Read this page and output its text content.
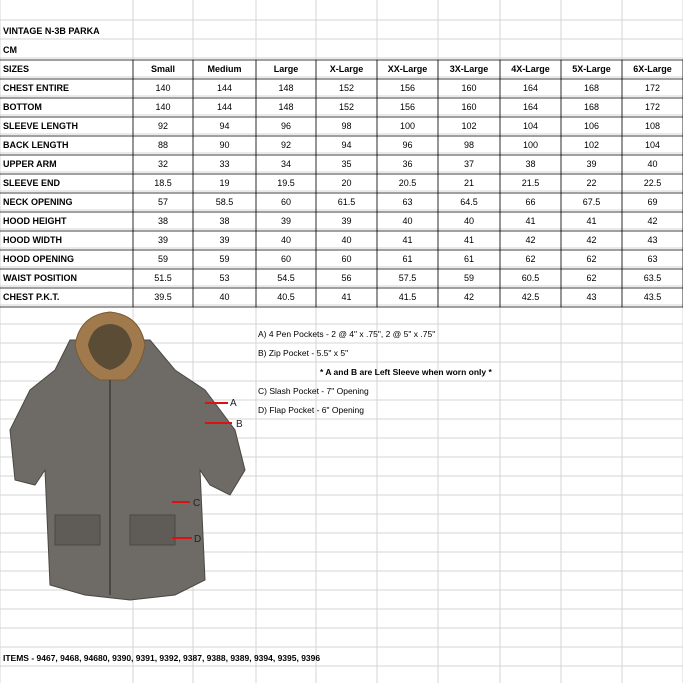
VINTAGE N-3B PARKA
CM
SIZES	Small	Medium	Large	X-Large	XX-Large	3X-Large	4X-Large	5X-Large	6X-Large
CHEST ENTIRE	140	144	148	152	156	160	164	168	172
BOTTOM	140	144	148	152	156	160	164	168	172
SLEEVE LENGTH	92	94	96	98	100	102	104	106	108
BACK LENGTH	88	90	92	94	96	98	100	102	104
UPPER ARM	32	33	34	35	36	37	38	39	40
SLEEVE END	18.5	19	19.5	20	20.5	21	21.5	22	22.5
NECK OPENING	57	58.5	60	61.5	63	64.5	66	67.5	69
HOOD HEIGHT	38	38	39	39	40	40	41	41	42
HOOD WIDTH	39	39	40	40	41	41	42	42	43
HOOD OPENING	59	59	60	60	61	61	62	62	63
WAIST POSITION	51.5	53	54.5	56	57.5	59	60.5	62	63.5
CHEST P.K.T.	39.5	40	40.5	41	41.5	42	42.5	43	43.5
A
B
C
D
A) 4 Pen Pockets - 2 @ 4" x .75", 2 @ 5" x .75"
B) Zip Pocket - 5.5" x 5"
* A and B are Left Sleeve when worn only *
C) Slash Pocket - 7" Opening
D) Flap Pocket - 6" Opening
ITEMS - 9467, 9468, 94680, 9390, 9391, 9392, 9387, 9388, 9389, 9394, 9395, 9396
